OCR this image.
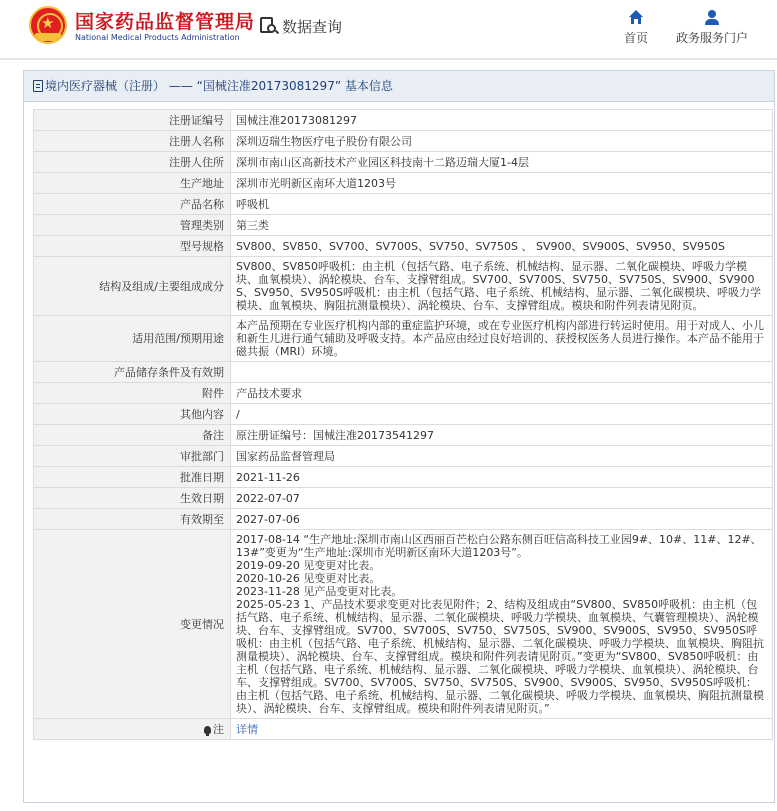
★
国家药品监督管理局
National Medical Products Administration
数据查询
首页 政务服务门户
境内医疗器械（注册） —— “国械注准20173081297” 基本信息
注册证编号	国械注准20173081297
注册人名称	深圳迈瑞生物医疗电子股份有限公司
注册人住所	深圳市南山区高新技术产业园区科技南十二路迈瑞大厦1-4层
生产地址	深圳市光明新区南环大道1203号
产品名称	呼吸机
管理类别	第三类
型号规格	SV800、SV850、SV700、SV700S、SV750、SV750S 、 SV900、SV900S、SV950、SV950S
结构及组成/主要组成成分	SV800、SV850呼吸机：由主机（包括气路、电子系统、机械结构、显示器、二氧化碳模块、呼吸力学模块、血氧模块）、涡轮模块、台车、支撑臂组成。SV700、SV700S、SV750、SV750S、SV900、SV900S、SV950、SV950S呼吸机：由主机（包括气路、电子系统、机械结构、显示器、二氧化碳模块、呼吸力学模块、血氧模块、胸阻抗测量模块）、涡轮模块、台车、支撑臂组成。模块和附件列表请见附页。
适用范围/预期用途	本产品预期在专业医疗机构内部的重症监护环境，或在专业医疗机构内部进行转运时使用。用于对成人、小儿和新生儿进行通气辅助及呼吸支持。本产品应由经过良好培训的、获授权医务人员进行操作。本产品不能用于磁共振（MRI）环境。
产品储存条件及有效期	
附件	产品技术要求
其他内容	/
备注	原注册证编号：国械注准20173541297
审批部门	国家药品监督管理局
批准日期	2021-11-26
生效日期	2022-07-07
有效期至	2027-07-06
变更情况	2017-08-14 “生产地址:深圳市南山区西丽百芒松白公路东侧百旺信高科技工业园9#、10#、11#、12#、13#”变更为“生产地址:深圳市光明新区南环大道1203号”。
2019-09-20 见变更对比表。
2020-10-26 见变更对比表。
2023-11-28 见产品变更对比表。
2025-05-23 1、产品技术要求变更对比表见附件；2、结构及组成由“SV800、SV850呼吸机：由主机（包括气路、电子系统、机械结构、显示器、二氧化碳模块、呼吸力学模块、血氧模块、气囊管理模块）、涡轮模块、台车、支撑臂组成。SV700、SV700S、SV750、SV750S、SV900、SV900S、SV950、SV950S呼吸机：由主机（包括气路、电子系统、机械结构、显示器、二氧化碳模块、呼吸力学模块、血氧模块、胸阻抗测量模块）、涡轮模块、台车、支撑臂组成。模块和附件列表请见附页。”变更为“SV800、SV850呼吸机：由主机（包括气路、电子系统、机械结构、显示器、二氧化碳模块、呼吸力学模块、血氧模块）、涡轮模块、台车、支撑臂组成。SV700、SV700S、SV750、SV750S、SV900、SV900S、SV950、SV950S呼吸机：由主机（包括气路、电子系统、机械结构、显示器、二氧化碳模块、呼吸力学模块、血氧模块、胸阻抗测量模块）、涡轮模块、台车、支撑臂组成。模块和附件列表请见附页。”

注	详情
